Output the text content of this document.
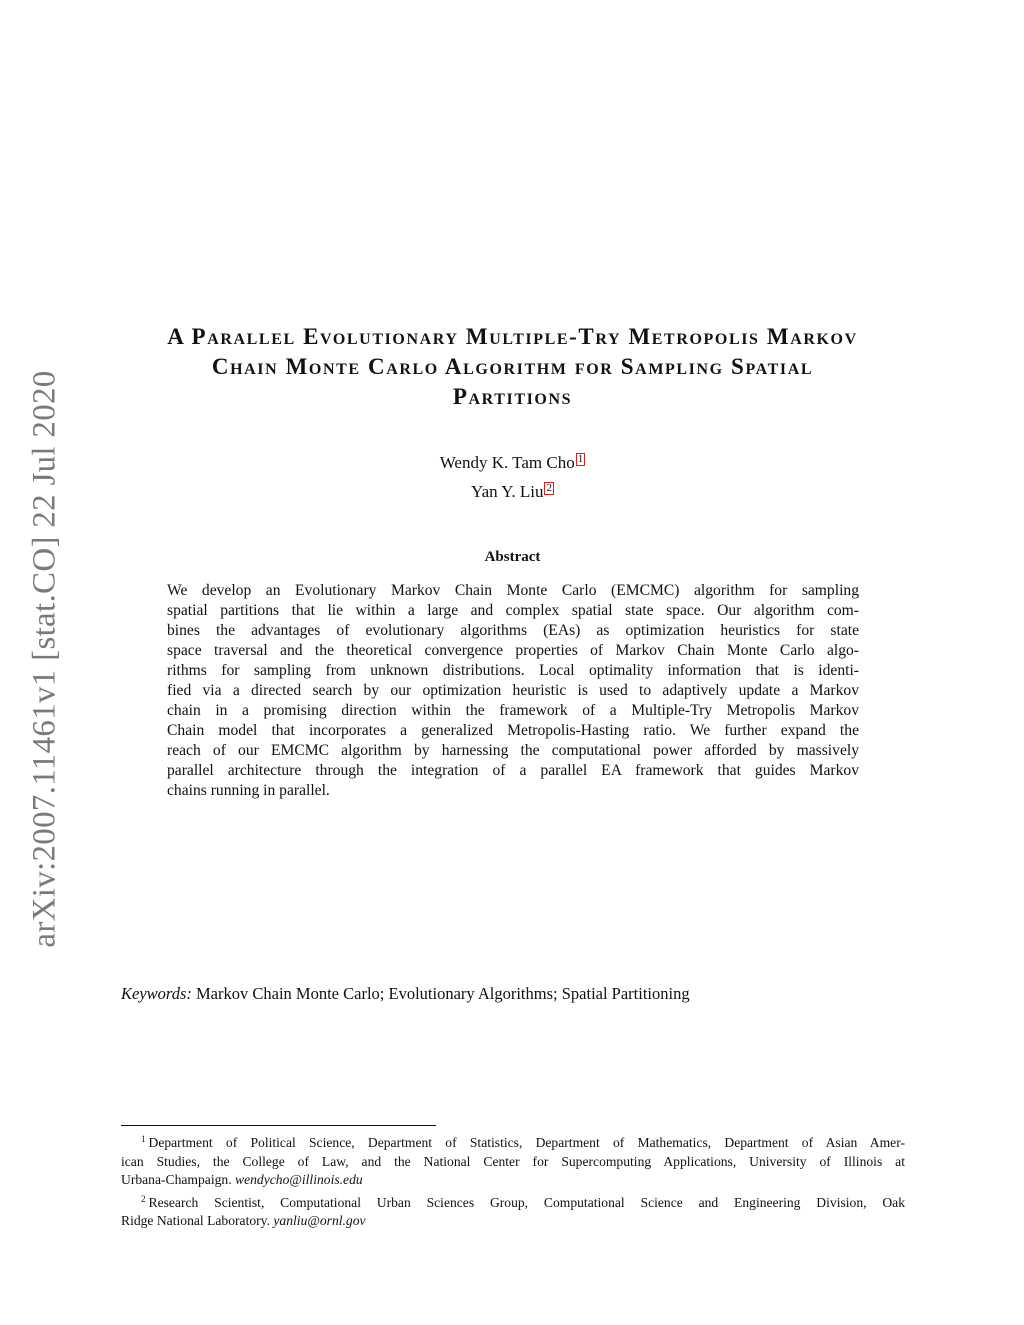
arXiv:2007.11461v1 [stat.CO] 22 Jul 2020
A Parallel Evolutionary Multiple-Try Metropolis Markov
Chain Monte Carlo Algorithm for Sampling Spatial
Partitions
Wendy K. Tam Cho 1
Yan Y. Liu 2
Abstract
We develop an Evolutionary Markov Chain Monte Carlo (EMCMC) algorithm for sampling
spatial partitions that lie within a large and complex spatial state space. Our algorithm com-
bines the advantages of evolutionary algorithms (EAs) as optimization heuristics for state
space traversal and the theoretical convergence properties of Markov Chain Monte Carlo algo-
rithms for sampling from unknown distributions. Local optimality information that is identi-
fied via a directed search by our optimization heuristic is used to adaptively update a Markov
chain in a promising direction within the framework of a Multiple-Try Metropolis Markov
Chain model that incorporates a generalized Metropolis-Hasting ratio. We further expand the
reach of our EMCMC algorithm by harnessing the computational power afforded by massively
parallel architecture through the integration of a parallel EA framework that guides Markov
chains running in parallel.
Keywords: Markov Chain Monte Carlo; Evolutionary Algorithms; Spatial Partitioning
$^1$ Department of Political Science, Department of Statistics, Department of Mathematics, Department of Asian Amer-
ican Studies, the College of Law, and the National Center for Supercomputing Applications, University of Illinois at
Urbana-Champaign. wendycho@illinois.edu
$^2$ Research Scientist, Computational Urban Sciences Group, Computational Science and Engineering Division, Oak
Ridge National Laboratory. yanliu@ornl.gov
